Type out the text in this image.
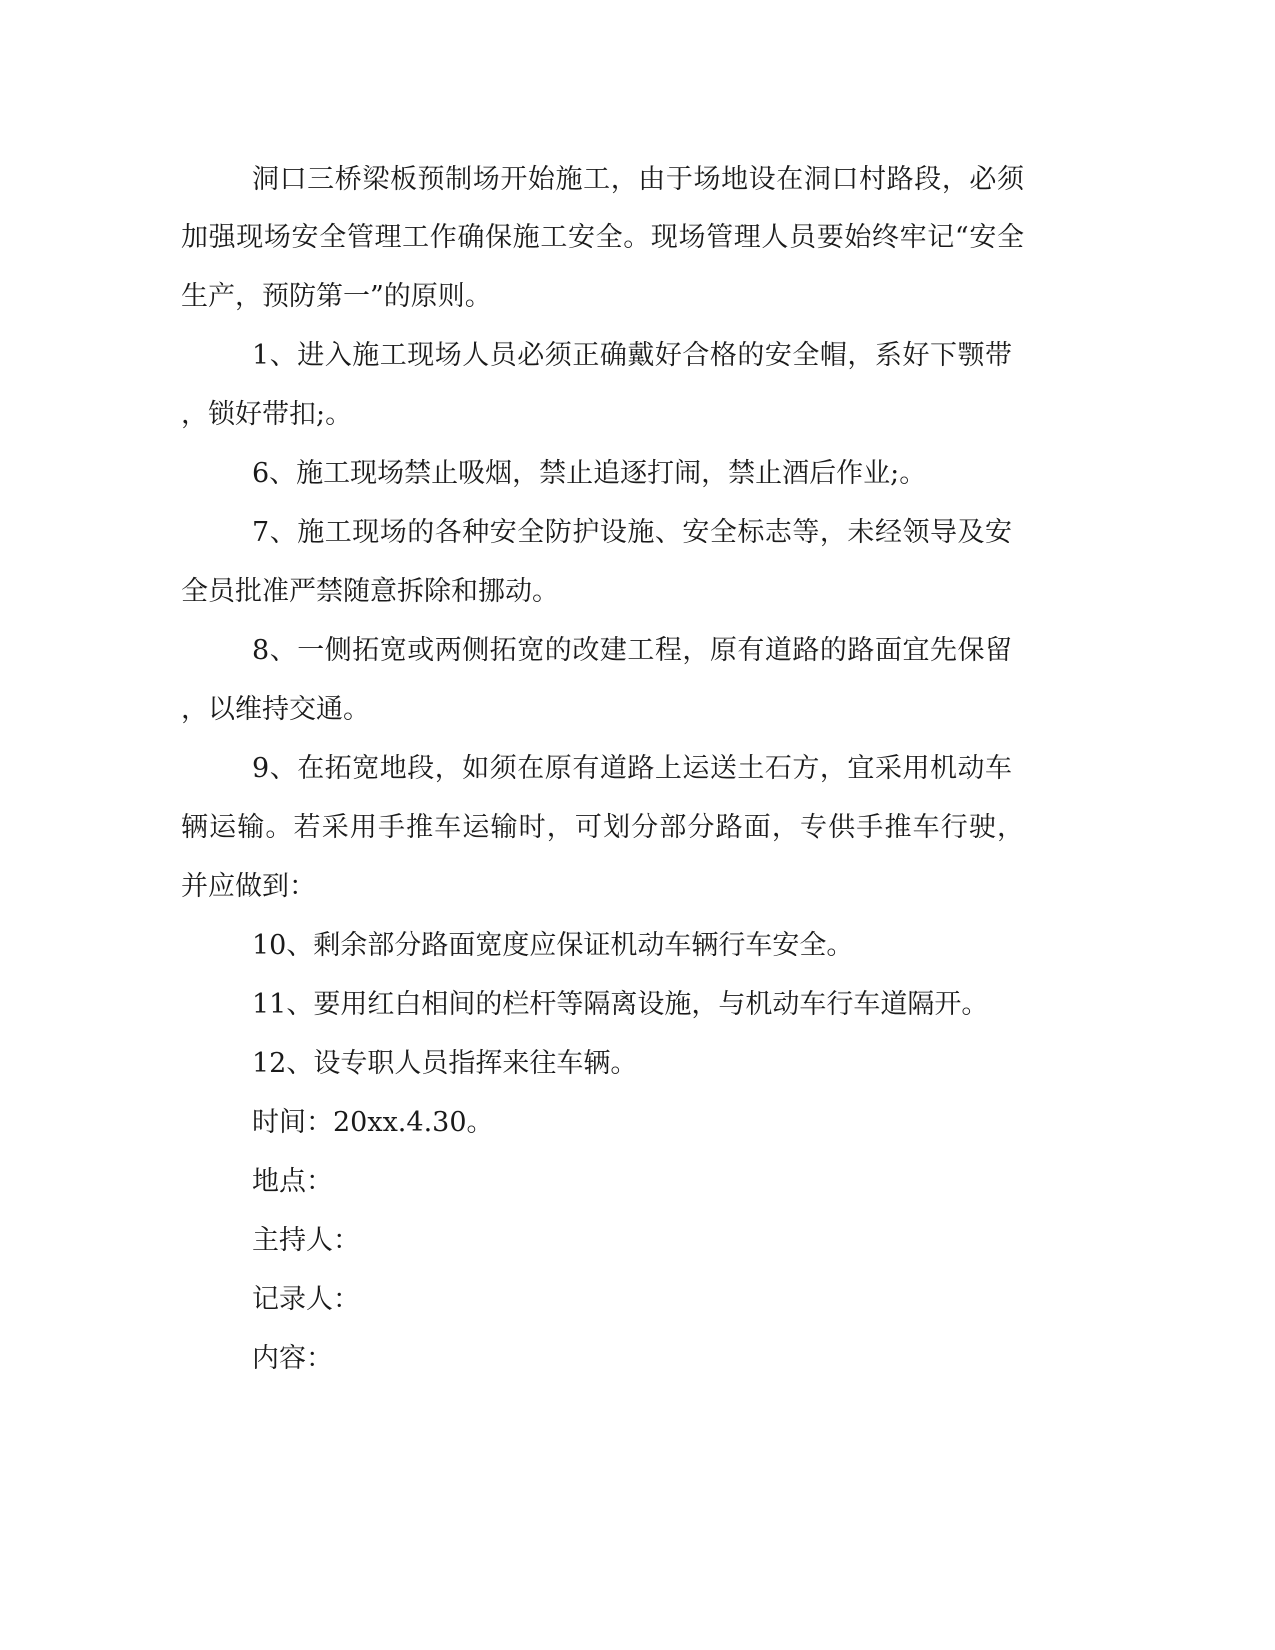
洞口三桥梁板预制场开始施工，由于场地设在洞口村路段，必须
加强现场安全管理工作确保施工安全。现场管理人员要始终牢记“安全
生产，预防第一”的原则。
1、进入施工现场人员必须正确戴好合格的安全帽，系好下颚带
，锁好带扣;。
6、施工现场禁止吸烟，禁止追逐打闹，禁止酒后作业;。
7、施工现场的各种安全防护设施、安全标志等，未经领导及安
全员批准严禁随意拆除和挪动。
8、一侧拓宽或两侧拓宽的改建工程，原有道路的路面宜先保留
，以维持交通。
9、在拓宽地段，如须在原有道路上运送土石方，宜采用机动车
辆运输。若采用手推车运输时，可划分部分路面，专供手推车行驶，
并应做到：
10、剩余部分路面宽度应保证机动车辆行车安全。
11、要用红白相间的栏杆等隔离设施，与机动车行车道隔开。
12、设专职人员指挥来往车辆。
时间：20xx.4.30。
地点：
主持人：
记录人：
内容：
